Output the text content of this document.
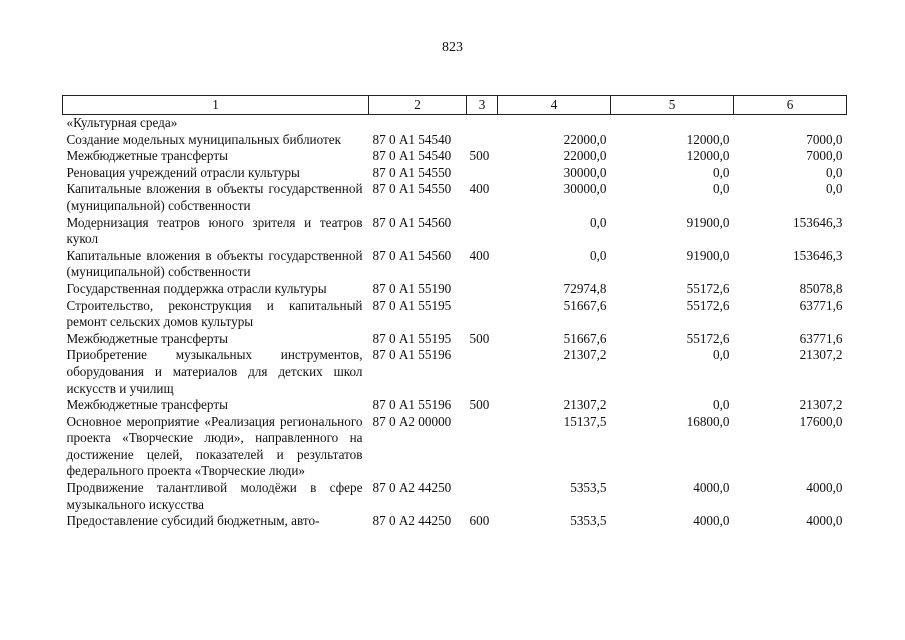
823
1	2	3	4	5	6
«Культурная среда»					
Создание модельных муниципальных библиотек	87 0 А1 54540		22000,0	12000,0	7000,0
Межбюджетные трансферты	87 0 А1 54540	500	22000,0	12000,0	7000,0
Реновация учреждений отрасли культуры	87 0 А1 54550		30000,0	0,0	0,0
Капитальные вложения в объекты государственной (муниципальной) собственности	87 0 А1 54550	400	30000,0	0,0	0,0
Модернизация театров юного зрителя и театров кукол	87 0 А1 54560		0,0	91900,0	153646,3
Капитальные вложения в объекты государственной (муниципальной) собственности	87 0 А1 54560	400	0,0	91900,0	153646,3
Государственная поддержка отрасли культуры	87 0 А1 55190		72974,8	55172,6	85078,8
Строительство, реконструкция и капитальный ремонт сельских домов культуры	87 0 А1 55195		51667,6	55172,6	63771,6
Межбюджетные трансферты	87 0 А1 55195	500	51667,6	55172,6	63771,6
Приобретение музыкальных инструментов, оборудования и материалов для детских школ искусств и училищ	87 0 А1 55196		21307,2	0,0	21307,2
Межбюджетные трансферты	87 0 А1 55196	500	21307,2	0,0	21307,2
Основное мероприятие «Реализация регионального проекта «Творческие люди», направленного на достижение целей, показателей и результатов федерального проекта «Творческие люди»	87 0 А2 00000		15137,5	16800,0	17600,0
Продвижение талантливой молодёжи в сфере музыкального искусства	87 0 А2 44250		5353,5	4000,0	4000,0
Предоставление субсидий бюджетным, авто-	87 0 А2 44250	600	5353,5	4000,0	4000,0
